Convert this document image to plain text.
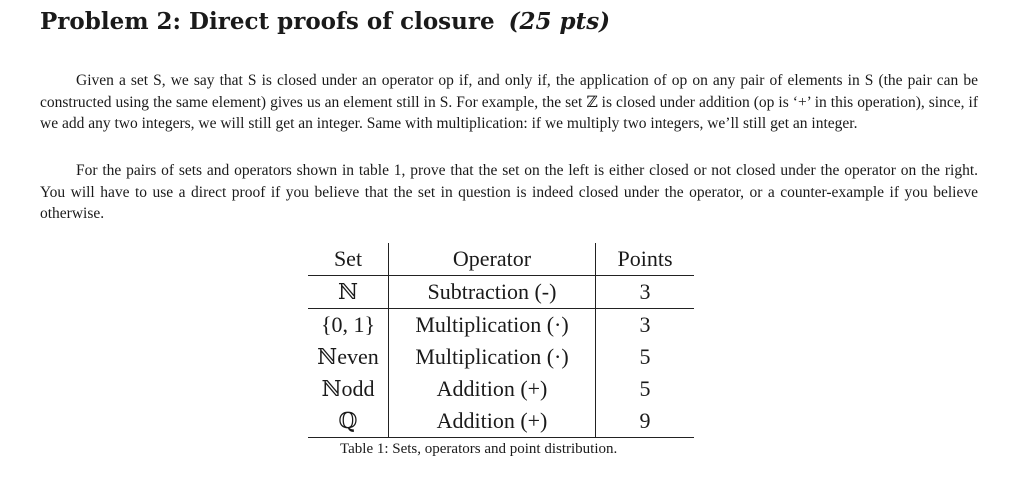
Problem 2: Direct proofs of closure (25 pts)
Given a set S, we say that S is closed under an operator op if, and only if, the application of op on any pair of elements in S (the pair can be constructed using the same element) gives us an element still in S. For example, the set ℤ is closed under addition (op is ‘+’ in this operation), since, if we add any two integers, we will still get an integer. Same with multiplication: if we multiply two integers, we’ll still get an integer.
For the pairs of sets and operators shown in table 1, prove that the set on the left is either closed or not closed under the operator on the right. You will have to use a direct proof if you believe that the set in question is indeed closed under the operator, or a counter-example if you believe otherwise.
Set	Operator	Points
ℕ	Subtraction (-)	3
{0, 1}	Multiplication (·)	3
ℕeven	Multiplication (·)	5
ℕodd	Addition (+)	5
ℚ	Addition (+)	9
Table 1: Sets, operators and point distribution.
